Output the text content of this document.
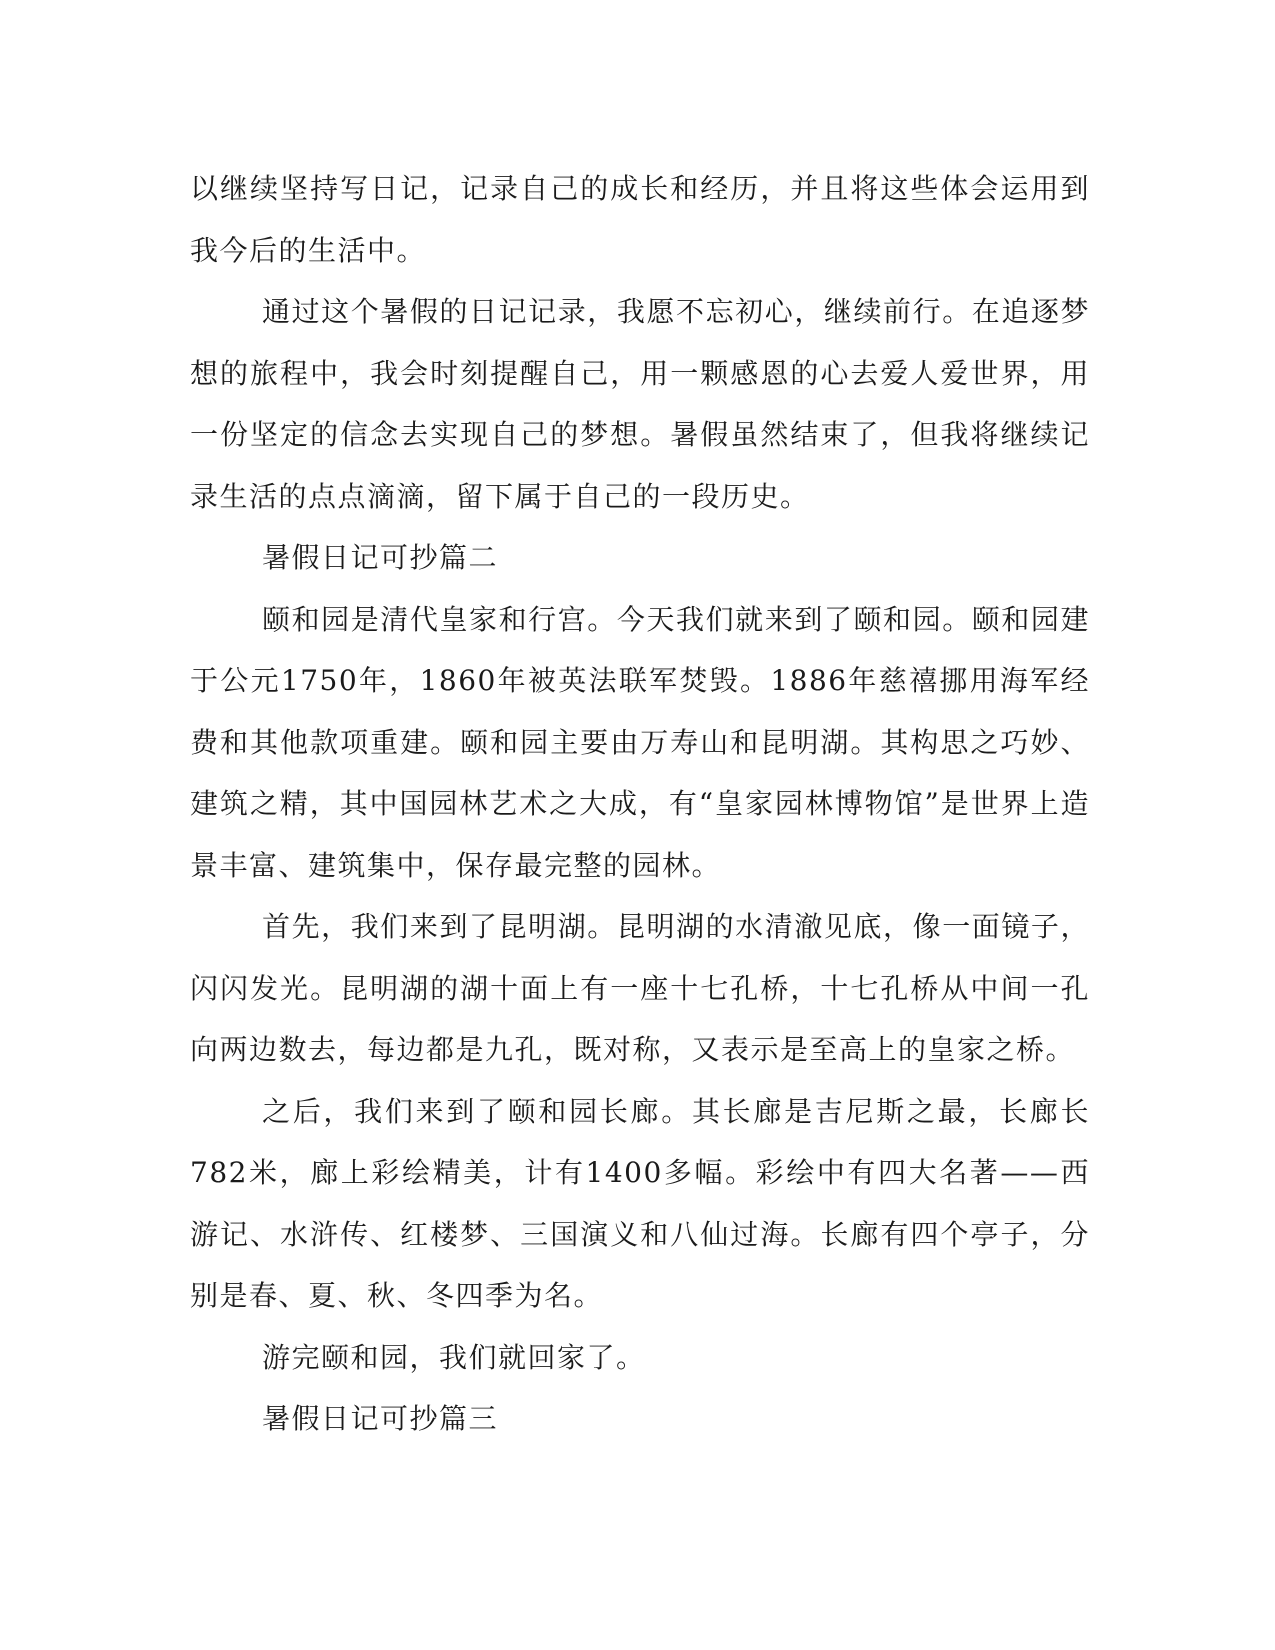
以继续坚持写日记，记录自己的成长和经历，并且将这些体会运用到我今后的生活中。

通过这个暑假的日记记录，我愿不忘初心，继续前行。在追逐梦想的旅程中，我会时刻提醒自己，用一颗感恩的心去爱人爱世界，用一份坚定的信念去实现自己的梦想。暑假虽然结束了，但我将继续记录生活的点点滴滴，留下属于自己的一段历史。

暑假日记可抄篇二

颐和园是清代皇家和行宫。今天我们就来到了颐和园。颐和园建于公元1750年，1860年被英法联军焚毁。1886年慈禧挪用海军经费和其他款项重建。颐和园主要由万寿山和昆明湖。其构思之巧妙、建筑之精，其中国园林艺术之大成，有“皇家园林博物馆”是世界上造景丰富、建筑集中，保存最完整的园林。

首先，我们来到了昆明湖。昆明湖的水清澈见底，像一面镜子，闪闪发光。昆明湖的湖十面上有一座十七孔桥，十七孔桥从中间一孔向两边数去，每边都是九孔，既对称，又表示是至高上的皇家之桥。

之后，我们来到了颐和园长廊。其长廊是吉尼斯之最，长廊长782米，廊上彩绘精美，计有1400多幅。彩绘中有四大名著——西游记、水浒传、红楼梦、三国演义和八仙过海。长廊有四个亭子，分别是春、夏、秋、冬四季为名。

游完颐和园，我们就回家了。

暑假日记可抄篇三
